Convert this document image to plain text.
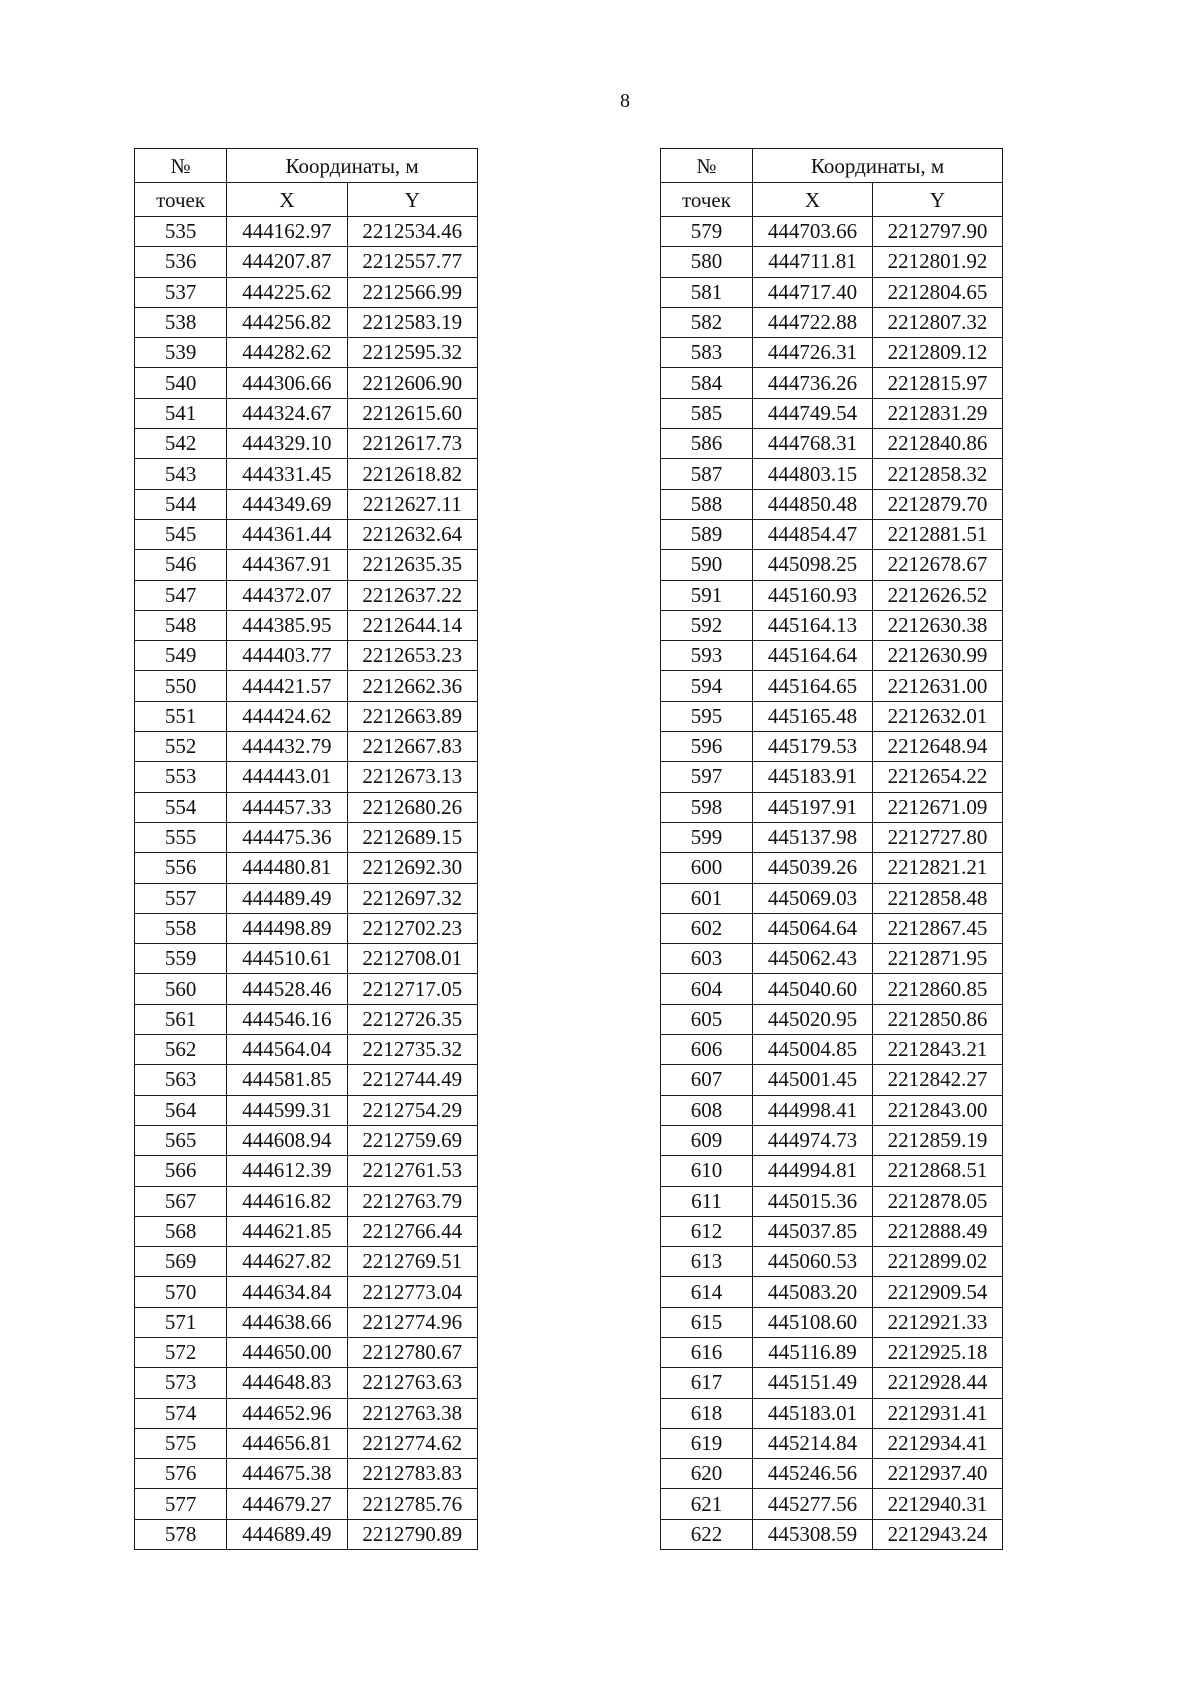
8
№	Координаты, м	
точек	X	Y
535	444162.97	2212534.46
536	444207.87	2212557.77
537	444225.62	2212566.99
538	444256.82	2212583.19
539	444282.62	2212595.32
540	444306.66	2212606.90
541	444324.67	2212615.60
542	444329.10	2212617.73
543	444331.45	2212618.82
544	444349.69	2212627.11
545	444361.44	2212632.64
546	444367.91	2212635.35
547	444372.07	2212637.22
548	444385.95	2212644.14
549	444403.77	2212653.23
550	444421.57	2212662.36
551	444424.62	2212663.89
552	444432.79	2212667.83
553	444443.01	2212673.13
554	444457.33	2212680.26
555	444475.36	2212689.15
556	444480.81	2212692.30
557	444489.49	2212697.32
558	444498.89	2212702.23
559	444510.61	2212708.01
560	444528.46	2212717.05
561	444546.16	2212726.35
562	444564.04	2212735.32
563	444581.85	2212744.49
564	444599.31	2212754.29
565	444608.94	2212759.69
566	444612.39	2212761.53
567	444616.82	2212763.79
568	444621.85	2212766.44
569	444627.82	2212769.51
570	444634.84	2212773.04
571	444638.66	2212774.96
572	444650.00	2212780.67
573	444648.83	2212763.63
574	444652.96	2212763.38
575	444656.81	2212774.62
576	444675.38	2212783.83
577	444679.27	2212785.76
578	444689.49	2212790.89
№	Координаты, м	
точек	X	Y
579	444703.66	2212797.90
580	444711.81	2212801.92
581	444717.40	2212804.65
582	444722.88	2212807.32
583	444726.31	2212809.12
584	444736.26	2212815.97
585	444749.54	2212831.29
586	444768.31	2212840.86
587	444803.15	2212858.32
588	444850.48	2212879.70
589	444854.47	2212881.51
590	445098.25	2212678.67
591	445160.93	2212626.52
592	445164.13	2212630.38
593	445164.64	2212630.99
594	445164.65	2212631.00
595	445165.48	2212632.01
596	445179.53	2212648.94
597	445183.91	2212654.22
598	445197.91	2212671.09
599	445137.98	2212727.80
600	445039.26	2212821.21
601	445069.03	2212858.48
602	445064.64	2212867.45
603	445062.43	2212871.95
604	445040.60	2212860.85
605	445020.95	2212850.86
606	445004.85	2212843.21
607	445001.45	2212842.27
608	444998.41	2212843.00
609	444974.73	2212859.19
610	444994.81	2212868.51
611	445015.36	2212878.05
612	445037.85	2212888.49
613	445060.53	2212899.02
614	445083.20	2212909.54
615	445108.60	2212921.33
616	445116.89	2212925.18
617	445151.49	2212928.44
618	445183.01	2212931.41
619	445214.84	2212934.41
620	445246.56	2212937.40
621	445277.56	2212940.31
622	445308.59	2212943.24
